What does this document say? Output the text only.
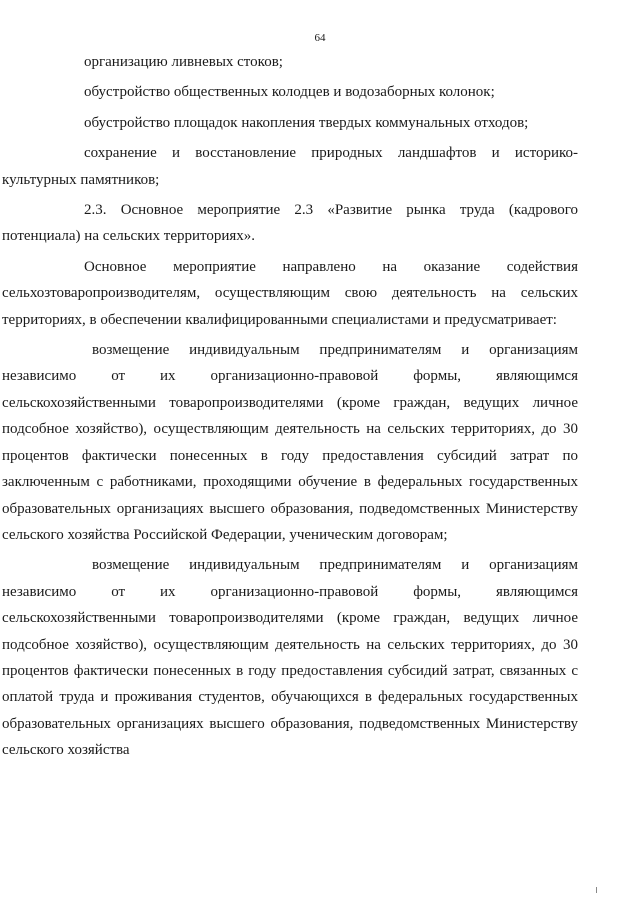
64

организацию ливневых стоков;

обустройство общественных колодцев и водозаборных колонок;

обустройство площадок накопления твердых коммунальных отходов;

сохранение и восстановление природных ландшафтов и историко-культурных памятников;

2.3. Основное мероприятие 2.3 «Развитие рынка труда (кадрового потенциала) на сельских территориях».

Основное мероприятие направлено на оказание содействия сельхозтоваропроизводителям, осуществляющим свою деятельность на сельских территориях, в обеспечении квалифицированными специалистами и предусматривает:

возмещение индивидуальным предпринимателям и организациям независимо от их организационно-правовой формы, являющимся сельскохозяйственными товаропроизводителями (кроме граждан, ведущих личное подсобное хозяйство), осуществляющим деятельность на сельских территориях, до 30 процентов фактически понесенных в году предоставления субсидий затрат по заключенным с работниками, проходящими обучение в федеральных государственных образовательных организациях высшего образования, подведомственных Министерству сельского хозяйства Российской Федерации, ученическим договорам;

возмещение индивидуальным предпринимателям и организациям независимо от их организационно-правовой формы, являющимся сельскохозяйственными товаропроизводителями (кроме граждан, ведущих личное подсобное хозяйство), осуществляющим деятельность на сельских территориях, до 30 процентов фактически понесенных в году предоставления субсидий затрат, связанных с оплатой труда и проживания студентов, обучающихся в федеральных государственных образовательных организациях высшего образования, подведомственных Министерству сельского хозяйства
